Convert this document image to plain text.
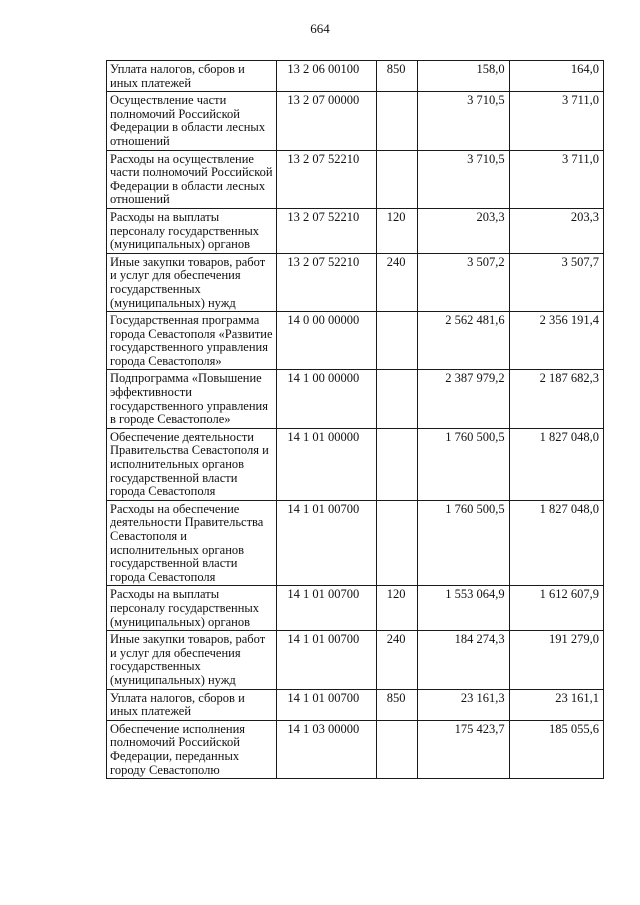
664
Уплата налогов, сборов и иных платежей	13 2 06 00100	850	158,0	164,0
Осуществление части полномочий Российской Федерации в области лесных отношений	13 2 07 00000		3 710,5	3 711,0
Расходы на осуществление части полномочий Российской Федерации в области лесных отношений	13 2 07 52210		3 710,5	3 711,0
Расходы на выплаты персоналу государственных (муниципальных) органов	13 2 07 52210	120	203,3	203,3
Иные закупки товаров, работ и услуг для обеспечения государственных (муниципальных) нужд	13 2 07 52210	240	3 507,2	3 507,7
Государственная программа города Севастополя «Развитие государственного управления города Севастополя»	14 0 00 00000		2 562 481,6	2 356 191,4
Подпрограмма «Повышение эффективности государственного управления в городе Севастополе»	14 1 00 00000		2 387 979,2	2 187 682,3
Обеспечение деятельности Правительства Севастополя и исполнительных органов государственной власти города Севастополя	14 1 01 00000		1 760 500,5	1 827 048,0
Расходы на обеспечение деятельности Правительства Севастополя и исполнительных органов государственной власти города Севастополя	14 1 01 00700		1 760 500,5	1 827 048,0
Расходы на выплаты персоналу государственных (муниципальных) органов	14 1 01 00700	120	1 553 064,9	1 612 607,9
Иные закупки товаров, работ и услуг для обеспечения государственных (муниципальных) нужд	14 1 01 00700	240	184 274,3	191 279,0
Уплата налогов, сборов и иных платежей	14 1 01 00700	850	23 161,3	23 161,1
Обеспечение исполнения полномочий Российской Федерации, переданных городу Севастополю	14 1 03 00000		175 423,7	185 055,6
